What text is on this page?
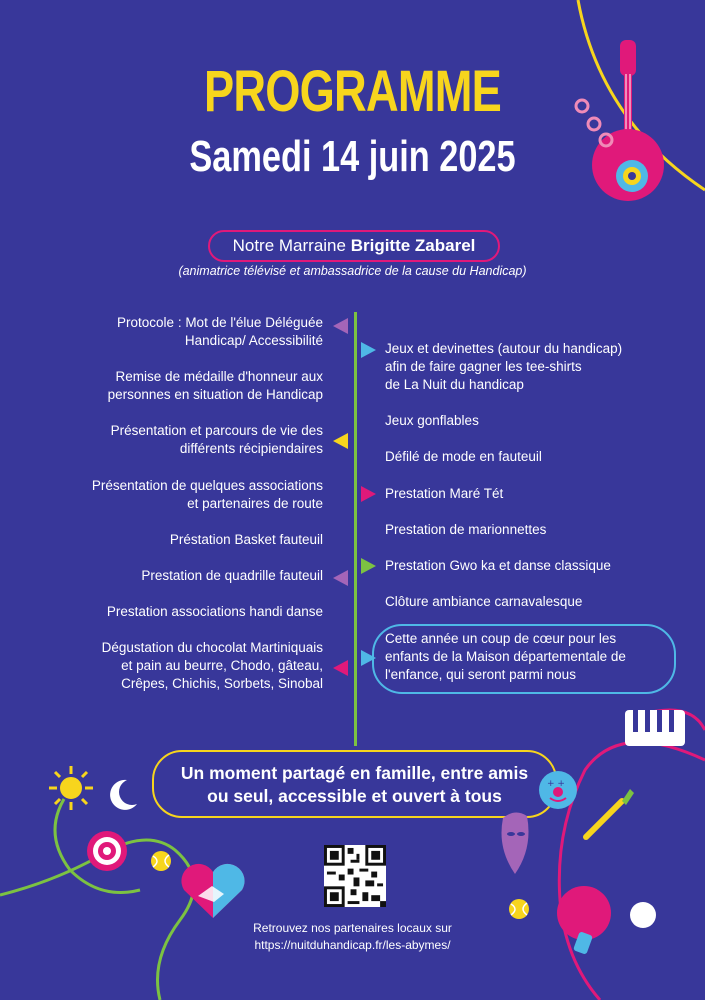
PROGRAMME
Samedi 14 juin 2025
Notre Marraine Brigitte Zabarel
(animatrice télévisé et ambassadrice de la cause du Handicap)
Protocole : Mot de l'élue Déléguée
Handicap/ Accessibilité
Remise de médaille d'honneur aux
personnes en situation de Handicap
Présentation et parcours de vie des
différents récipiendaires
Présentation de quelques associations
et partenaires de route
Préstation Basket fauteuil
Prestation de quadrille fauteuil
Prestation associations handi danse
Dégustation du chocolat Martiniquais
et pain au beurre, Chodo, gâteau,
Crêpes, Chichis, Sorbets, Sinobal
Jeux et devinettes (autour du handicap)
afin de faire gagner les tee-shirts
de La Nuit du handicap
Jeux gonflables
Défilé de mode en fauteuil
Prestation Maré Tét
Prestation de marionnettes
Prestation Gwo ka et danse classique
Clôture ambiance carnavalesque
Cette année un coup de cœur pour les
enfants de la Maison départementale de
l'enfance, qui seront parmi nous
Un moment partagé en famille, entre amis
ou seul, accessible et ouvert à tous
+ +
Retrouvez nos partenaires locaux sur
https://nuitduhandicap.fr/les-abymes/
